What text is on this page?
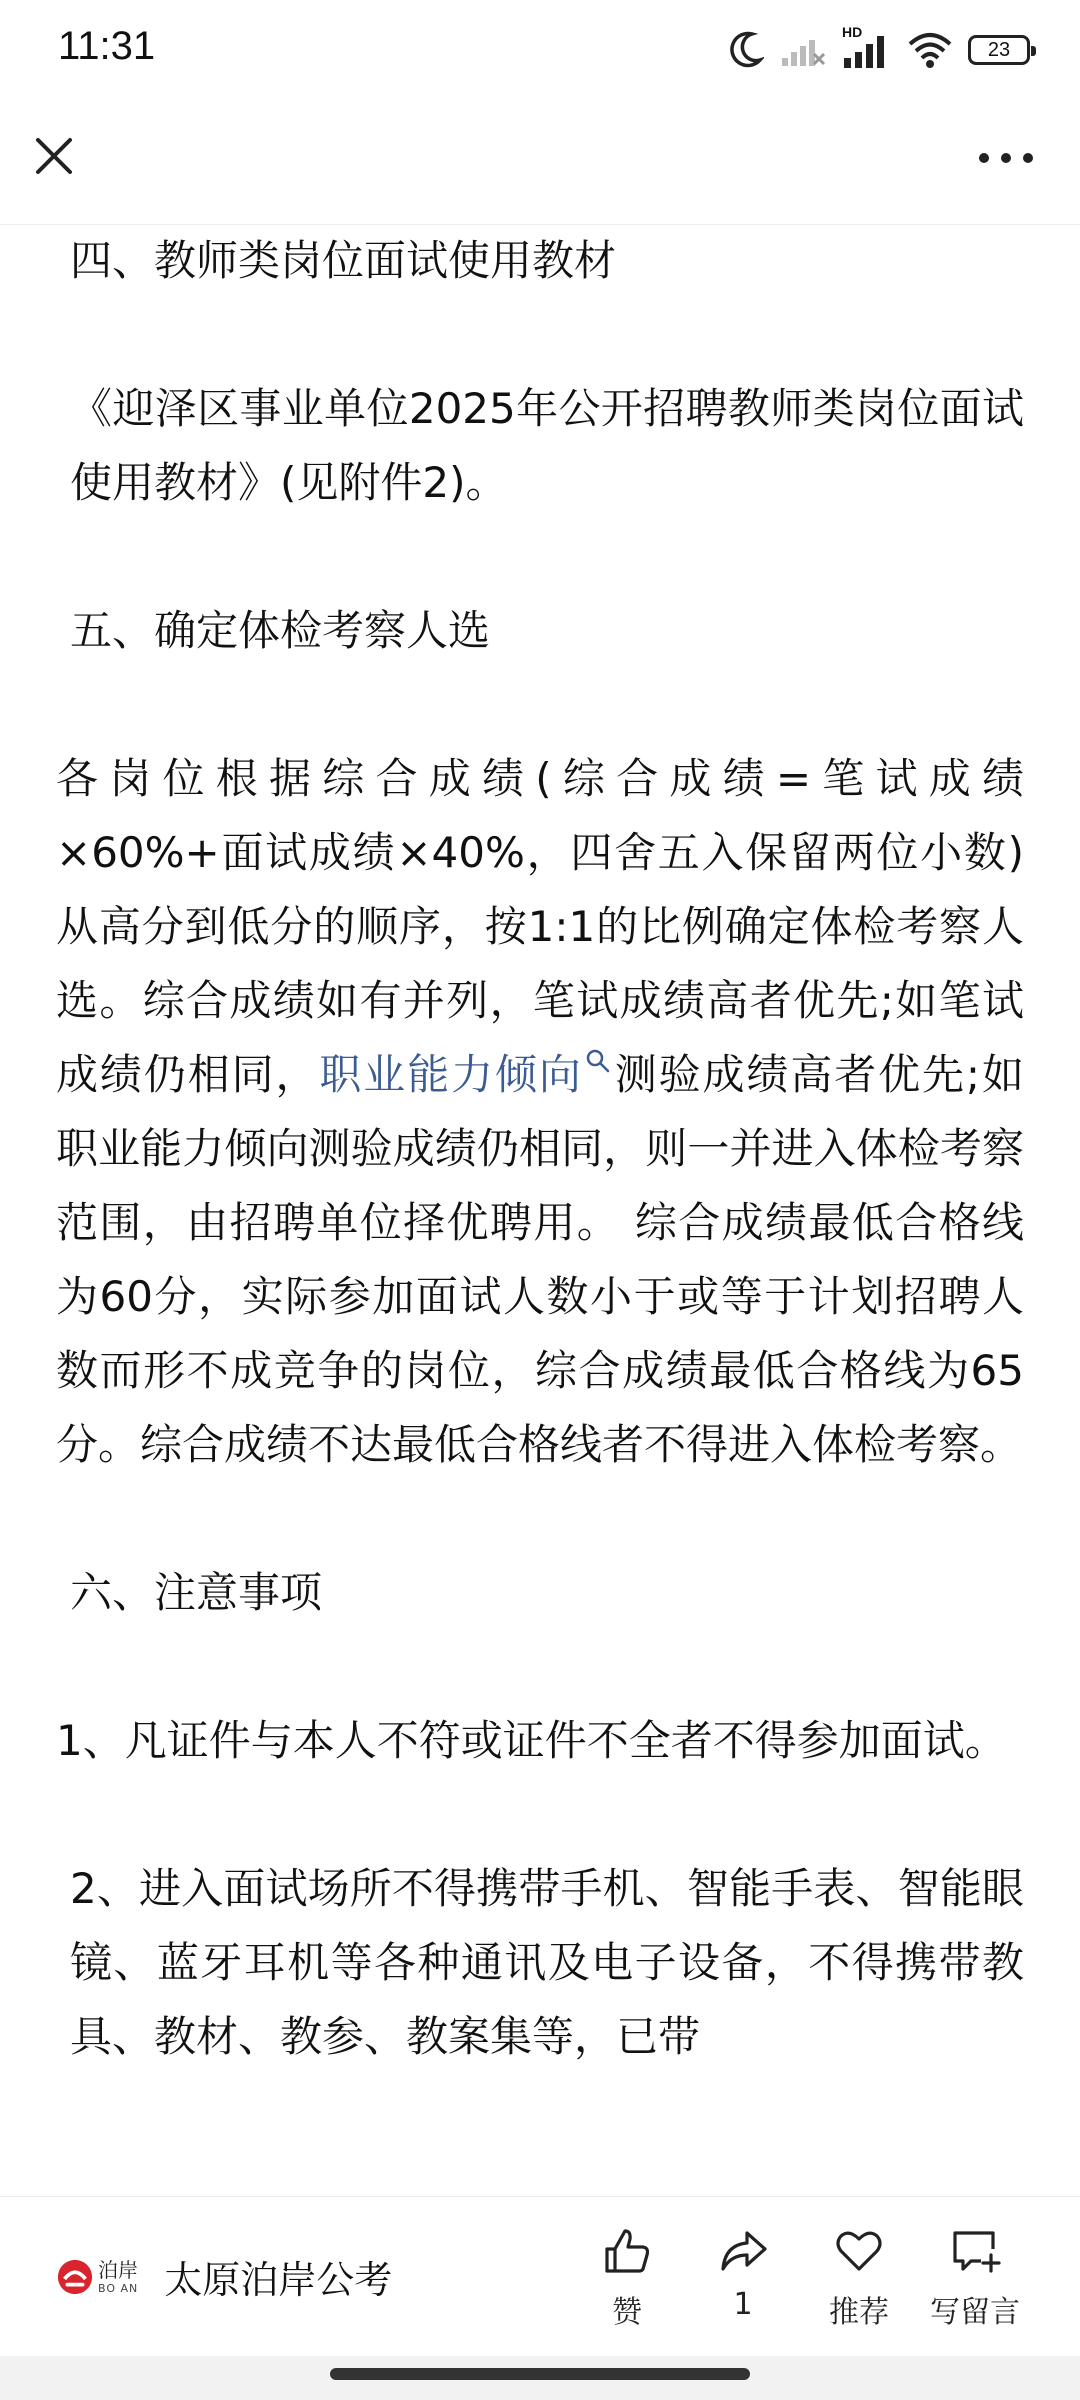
11:31	HD
23

四、教师类岗位面试使用教材

《迎泽区事业单位2025年公开招聘教师类岗位面试使用教材》(见附件2)。

五、确定体检考察人选

各岗位根据综合成绩(综合成绩=笔试成绩×60%+面试成绩×40%，四舍五入保留两位小数)从高分到低分的顺序，按1:1的比例确定体检考察人选。综合成绩如有并列，笔试成绩高者优先;如笔试成绩仍相同，职业能力倾向 测验成绩高者优先;如职业能力倾向测验成绩仍相同，则一并进入体检考察范围，由招聘单位择优聘用。 综合成绩最低合格线为60分，实际参加面试人数小于或等于计划招聘人数而形不成竞争的岗位，综合成绩最低合格线为65分。综合成绩不达最低合格线者不得进入体检考察。

六、注意事项

1、凡证件与本人不符或证件不全者不得参加面试。

2、进入面试场所不得携带手机、智能手表、智能眼镜、蓝牙耳机等各种通讯及电子设备，不得携带教具、教材、教参、教案集等，已带

泊岸
BO AN 太原泊岸公考
赞	1	推荐 写留言
